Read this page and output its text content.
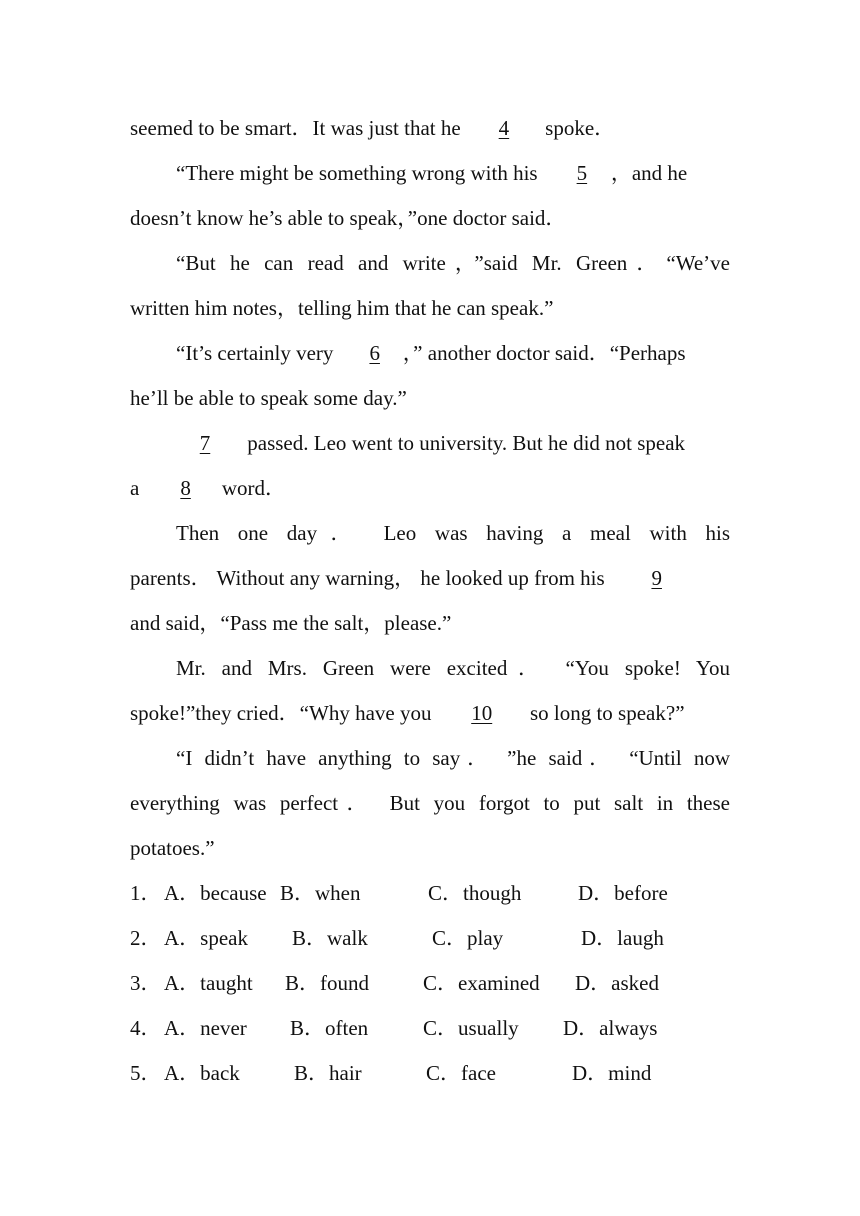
seemed to be smart．It was just that he 4 spoke．
“There might be something wrong with his 5 ，and he
doesn’t know he’s able to speak，”one doctor said．
“But he can read and write，”said Mr. Green．“We’ve
written him notes，telling him that he can speak.”
“It’s certainly very 6 ，” another doctor said．“Perhaps
he’ll be able to speak some day.”
7 passed. Leo went to university. But he did not speak
a 8 word．
Then one day． Leo was having a meal with his
parents． Without any warning， he looked up from his 9
and said，“Pass me the salt，please.”
Mr. and Mrs. Green were excited． “You spoke! You
spoke!”they cried．“Why have you 10 so long to speak?”
“I didn’t have anything to say． ”he said． “Until now
everything was perfect． But you forgot to put salt in these
potatoes.”
1． A．because B．when	C．though	D．before
2． A．speak B．walk	C．play	D．laugh
3． A．taught B．found	C．examined D．asked
4． A．never B．often	C．usually D．always
5． A．back	B．hair	C．face	D．mind
